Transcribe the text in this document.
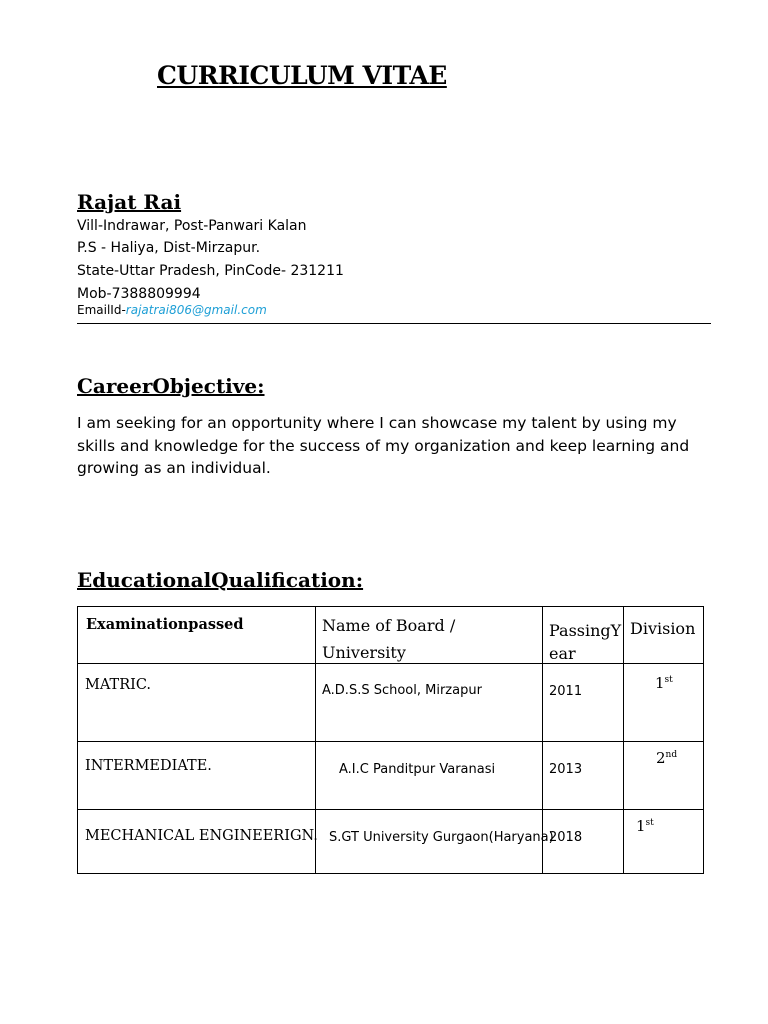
CURRICULUM VITAE
Rajat Rai
Vill-Indrawar, Post-Panwari Kalan
P.S - Haliya, Dist-Mirzapur.
State-Uttar Pradesh, PinCode- 231211
Mob-7388809994
EmailId-rajatrai806@gmail.com
CareerObjective:
I am seeking for an opportunity where I can showcase my talent by using my skills and knowledge for the success of my organization and keep learning and growing as an individual.
EducationalQualification:
Examinationpassed	Name of Board / University	PassingYear	Division

MATRIC.	A.D.S.S School, Mirzapur	2011	1st

INTERMEDIATE.	A.I.C Panditpur Varanasi	2013	2nd

MECHANICAL ENGINEERIGN.	S.GT University Gurgaon(Haryana)	2018	1st
